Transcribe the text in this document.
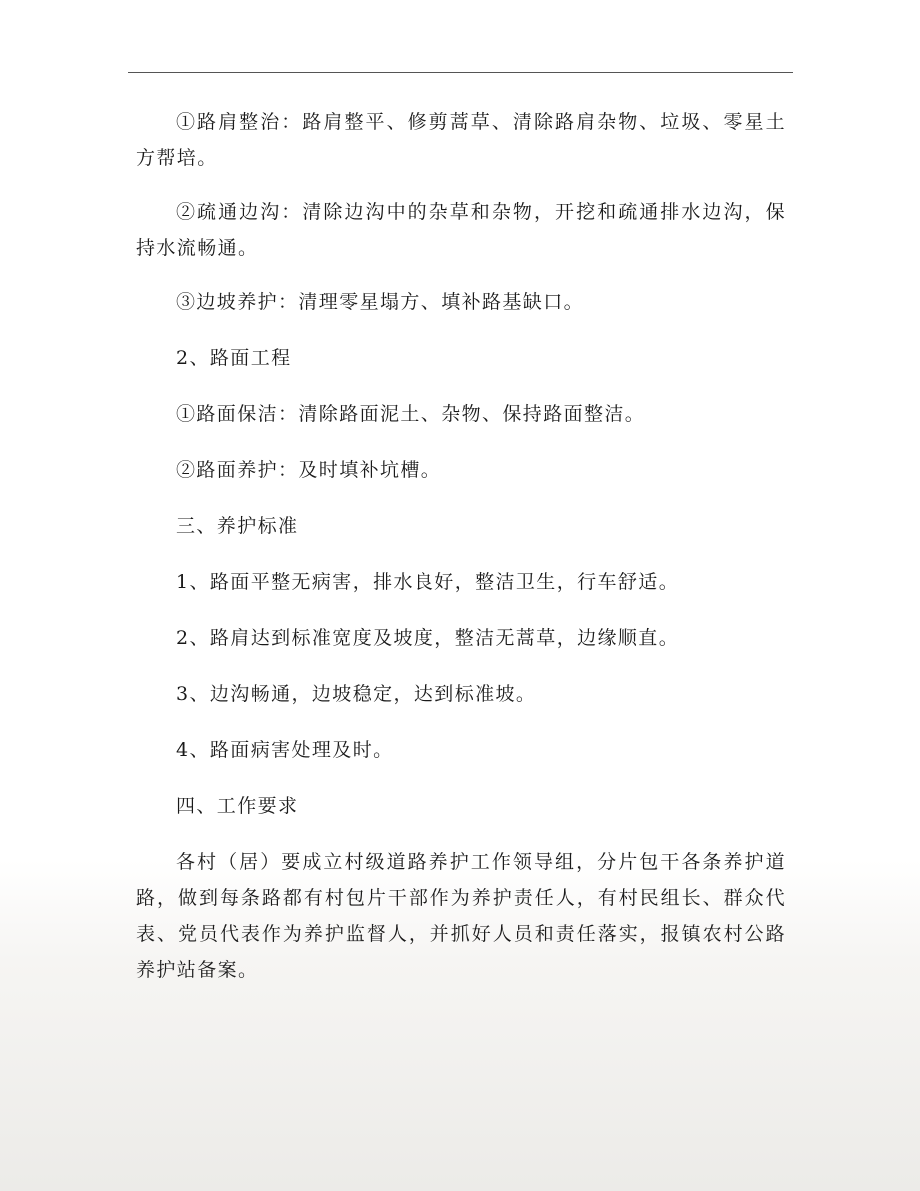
①路肩整治：路肩整平、修剪蒿草、清除路肩杂物、垃圾、零星土方帮培。

②疏通边沟：清除边沟中的杂草和杂物，开挖和疏通排水边沟，保持水流畅通。

③边坡养护：清理零星塌方、填补路基缺口。

2、路面工程

①路面保洁：清除路面泥土、杂物、保持路面整洁。

②路面养护：及时填补坑槽。

三、养护标准

1、路面平整无病害，排水良好，整洁卫生，行车舒适。

2、路肩达到标准宽度及坡度，整洁无蒿草，边缘顺直。

3、边沟畅通，边坡稳定，达到标准坡。

4、路面病害处理及时。

四、工作要求

各村（居）要成立村级道路养护工作领导组，分片包干各条养护道路，做到每条路都有村包片干部作为养护责任人，有村民组长、群众代表、党员代表作为养护监督人，并抓好人员和责任落实，报镇农村公路养护站备案。
